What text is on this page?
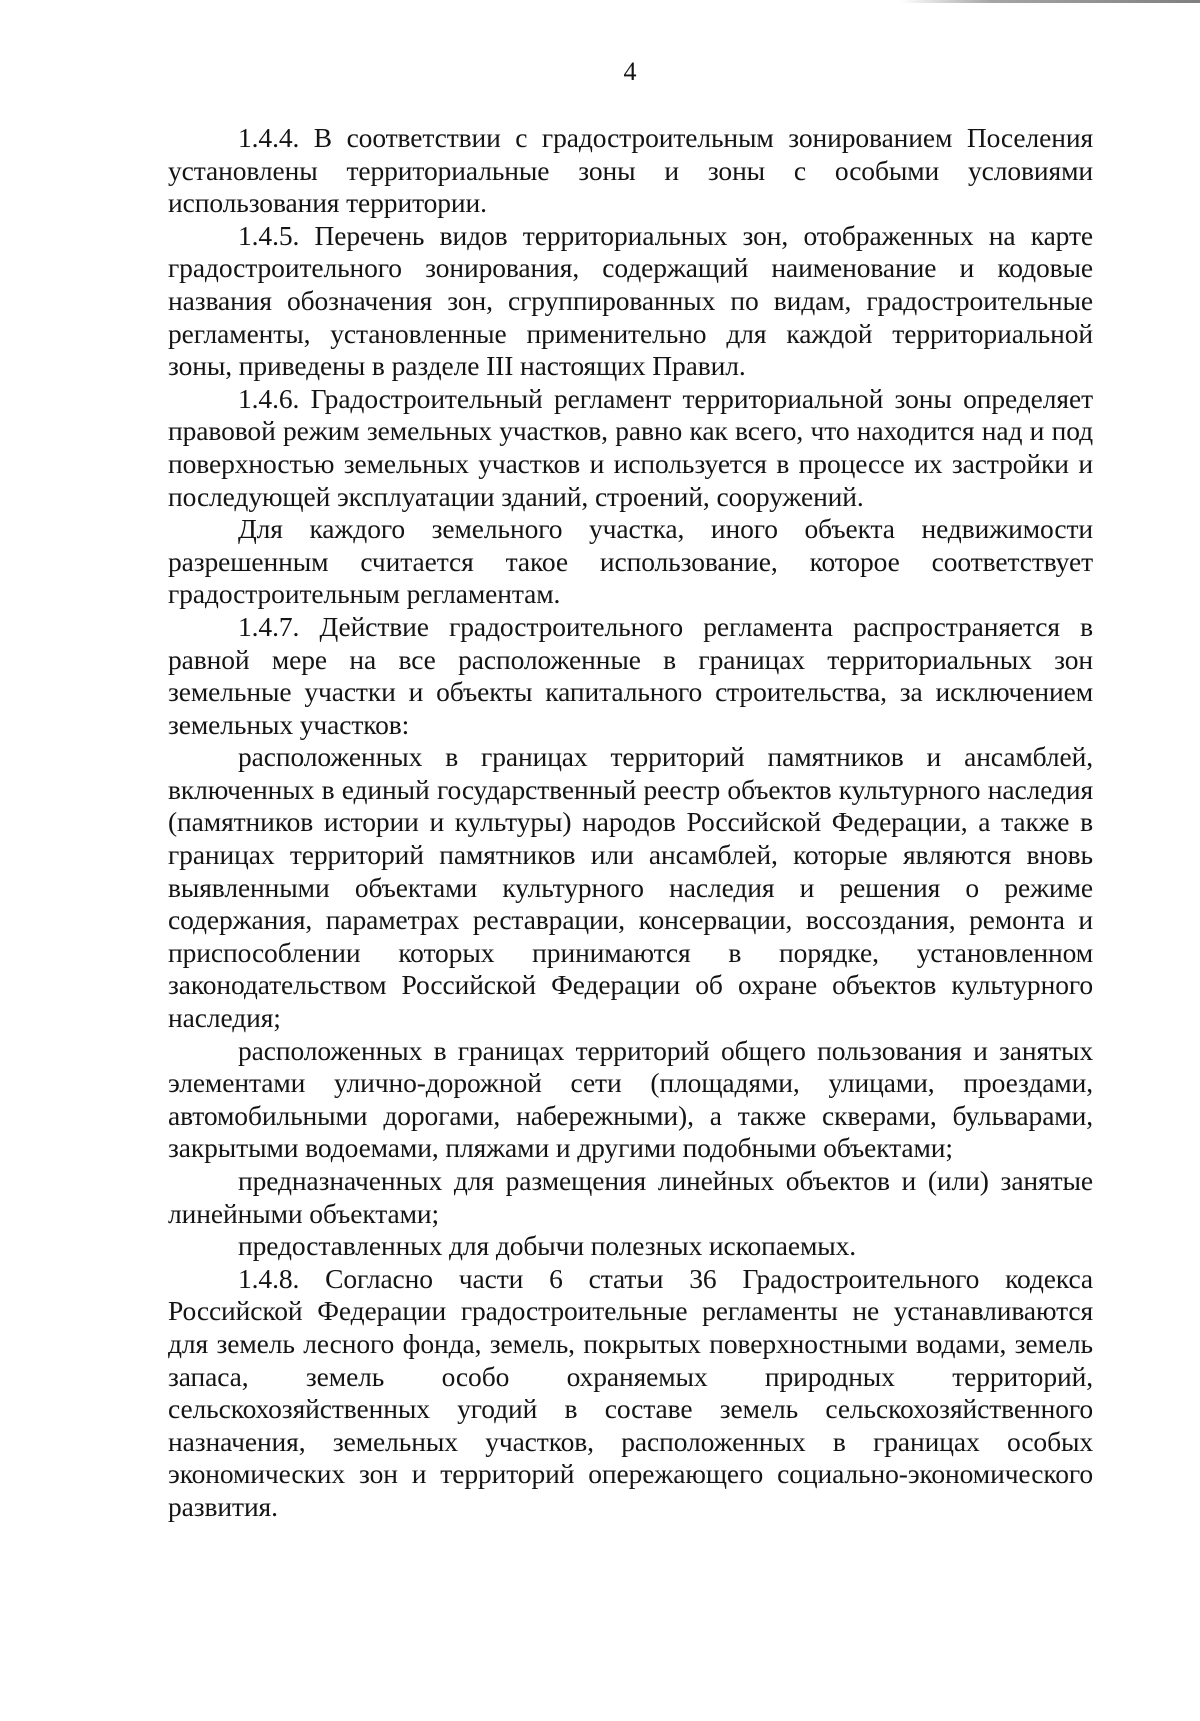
4

1.4.4. В соответствии с градостроительным зонированием Поселения установлены территориальные зоны и зоны с особыми условиями использования территории.

1.4.5. Перечень видов территориальных зон, отображенных на карте градостроительного зонирования, содержащий наименование и кодовые названия обозначения зон, сгруппированных по видам, градостроительные регламенты, установленные применительно для каждой территориальной зоны, приведены в разделе III настоящих Правил.

1.4.6. Градостроительный регламент территориальной зоны определяет правовой режим земельных участков, равно как всего, что находится над и под поверхностью земельных участков и используется в процессе их застройки и последующей эксплуатации зданий, строений, сооружений.

Для каждого земельного участка, иного объекта недвижимости разрешенным считается такое использование, которое соответствует градостроительным регламентам.

1.4.7. Действие градостроительного регламента распространяется в равной мере на все расположенные в границах территориальных зон земельные участки и объекты капитального строительства, за исключением земельных участков:

расположенных в границах территорий памятников и ансамблей, включенных в единый государственный реестр объектов культурного наследия (памятников истории и культуры) народов Российской Федерации, а также в границах территорий памятников или ансамблей, которые являются вновь выявленными объектами культурного наследия и решения о режиме содержания, параметрах реставрации, консервации, воссоздания, ремонта и приспособлении которых принимаются в порядке, установленном законодательством Российской Федерации об охране объектов культурного наследия;

расположенных в границах территорий общего пользования и занятых элементами улично-дорожной сети (площадями, улицами, проездами, автомобильными дорогами, набережными), а также скверами, бульварами, закрытыми водоемами, пляжами и другими подобными объектами;

предназначенных для размещения линейных объектов и (или) занятые линейными объектами;

предоставленных для добычи полезных ископаемых.

1.4.8. Согласно части 6 статьи 36 Градостроительного кодекса Российской Федерации градостроительные регламенты не устанавливаются для земель лесного фонда, земель, покрытых поверхностными водами, земель запаса, земель особо охраняемых природных территорий, сельскохозяйственных угодий в составе земель сельскохозяйственного назначения, земельных участков, расположенных в границах особых экономических зон и территорий опережающего социально-экономического развития.
